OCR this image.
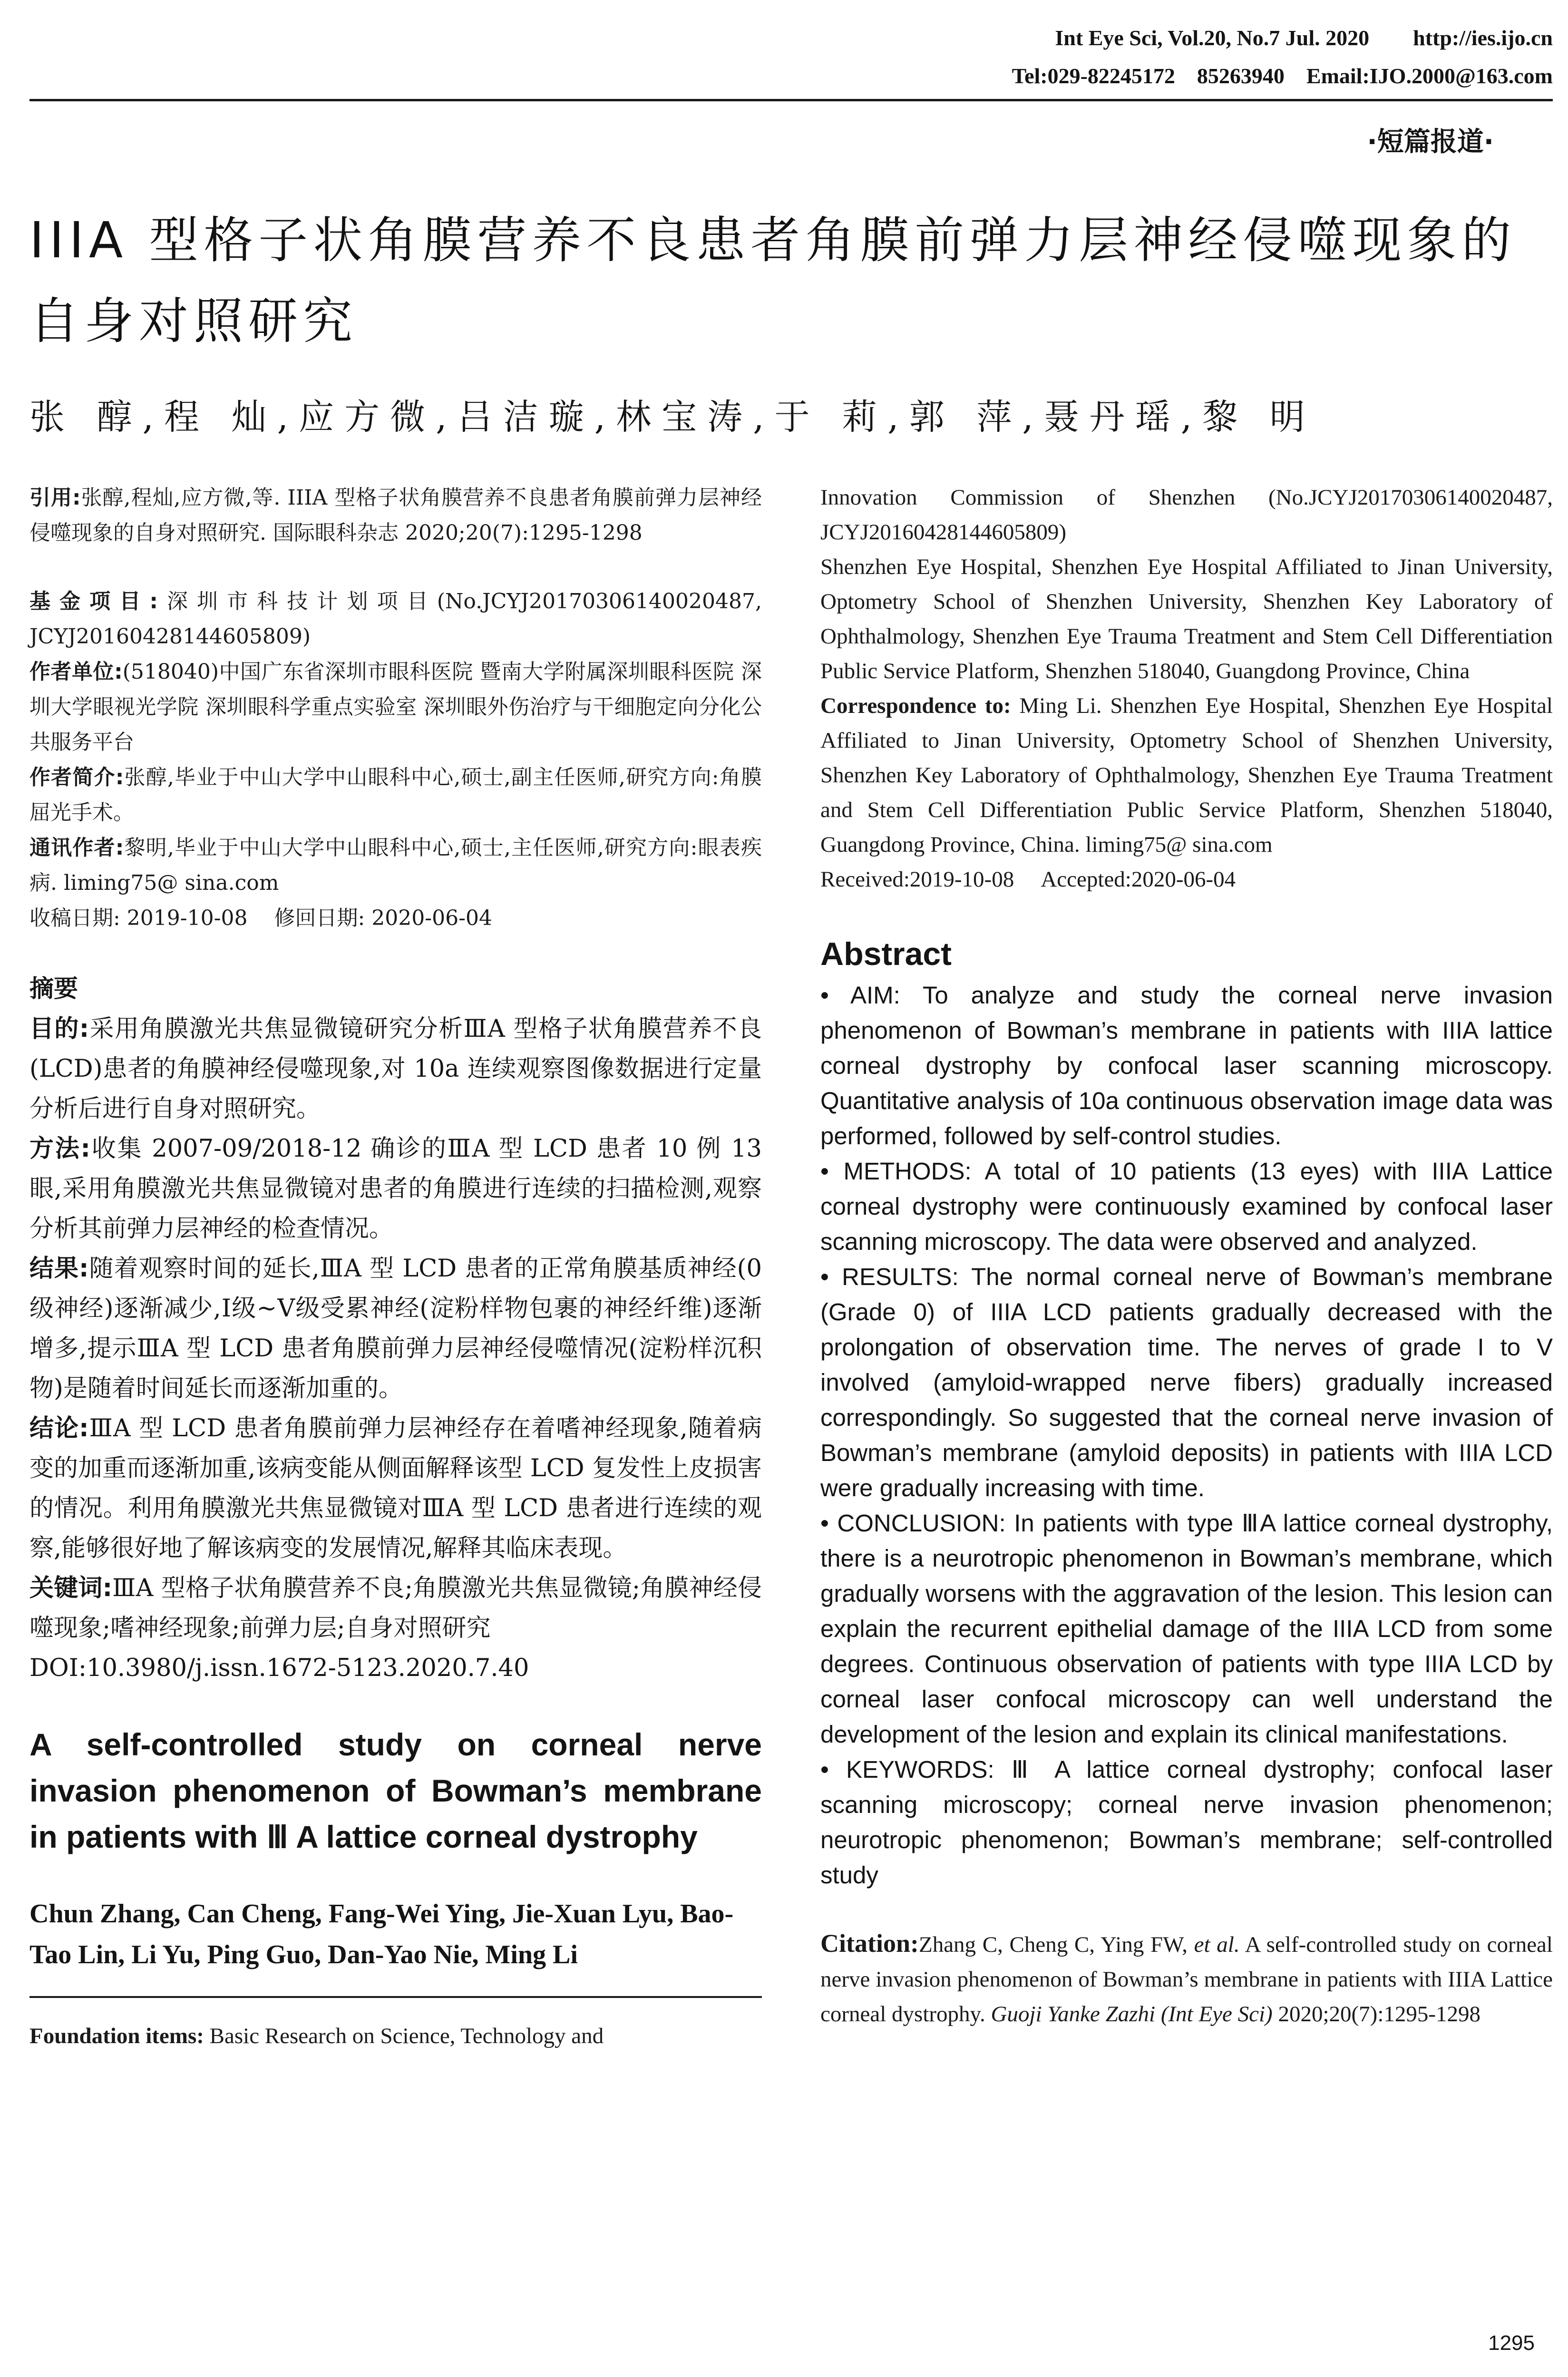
Int Eye Sci, Vol.20, No.7 Jul. 2020        http://ies.ijo.cn
Tel:029-82245172    85263940    Email:IJO.2000@163.com
·短篇报道·
IIIA 型格子状角膜营养不良患者角膜前弹力层神经侵噬现象的自身对照研究
张 醇,程 灿,应方微,吕洁璇,林宝涛,于 莉,郭 萍,聂丹瑶,黎 明

引用:张醇,程灿,应方微,等. IIIA 型格子状角膜营养不良患者角膜前弹力层神经侵噬现象的自身对照研究. 国际眼科杂志 2020;20(7):1295-1298

基金项目:深圳市科技计划项目(No.JCYJ20170306140020487, JCYJ20160428144605809)

作者单位:(518040)中国广东省深圳市眼科医院 暨南大学附属深圳眼科医院 深圳大学眼视光学院 深圳眼科学重点实验室 深圳眼外伤治疗与干细胞定向分化公共服务平台

作者简介:张醇,毕业于中山大学中山眼科中心,硕士,副主任医师,研究方向:角膜屈光手术。

通讯作者:黎明,毕业于中山大学中山眼科中心,硕士,主任医师,研究方向:眼表疾病. liming75@ sina.com

收稿日期: 2019-10-08    修回日期: 2020-06-04

摘要

目的:采用角膜激光共焦显微镜研究分析ⅢA 型格子状角膜营养不良(LCD)患者的角膜神经侵噬现象,对 10a 连续观察图像数据进行定量分析后进行自身对照研究。

方法:收集 2007-09/2018-12 确诊的ⅢA 型 LCD 患者 10 例 13 眼,采用角膜激光共焦显微镜对患者的角膜进行连续的扫描检测,观察分析其前弹力层神经的检查情况。

结果:随着观察时间的延长,ⅢA 型 LCD 患者的正常角膜基质神经(0 级神经)逐渐减少,Ⅰ级~Ⅴ级受累神经(淀粉样物包裹的神经纤维)逐渐增多,提示ⅢA 型 LCD 患者角膜前弹力层神经侵噬情况(淀粉样沉积物)是随着时间延长而逐渐加重的。

结论:ⅢA 型 LCD 患者角膜前弹力层神经存在着嗜神经现象,随着病变的加重而逐渐加重,该病变能从侧面解释该型 LCD 复发性上皮损害的情况。利用角膜激光共焦显微镜对ⅢA 型 LCD 患者进行连续的观察,能够很好地了解该病变的发展情况,解释其临床表现。

关键词:ⅢA 型格子状角膜营养不良;角膜激光共焦显微镜;角膜神经侵噬现象;嗜神经现象;前弹力层;自身对照研究

DOI:10.3980/j.issn.1672-5123.2020.7.40

A self-controlled study on corneal nerve invasion phenomenon of Bowman’s membrane in patients with Ⅲ A lattice corneal dystrophy

Chun Zhang, Can Cheng, Fang-Wei Ying, Jie-Xuan Lyu, Bao-Tao Lin, Li Yu, Ping Guo, Dan-Yao Nie, Ming Li

Foundation items: Basic Research on Science, Technology and

Innovation Commission of Shenzhen (No.JCYJ20170306140020487, JCYJ20160428144605809)

Shenzhen Eye Hospital, Shenzhen Eye Hospital Affiliated to Jinan University, Optometry School of Shenzhen University, Shenzhen Key Laboratory of Ophthalmology, Shenzhen Eye Trauma Treatment and Stem Cell Differentiation Public Service Platform, Shenzhen 518040, Guangdong Province, China

Correspondence to: Ming Li. Shenzhen Eye Hospital, Shenzhen Eye Hospital Affiliated to Jinan University, Optometry School of Shenzhen University, Shenzhen Key Laboratory of Ophthalmology, Shenzhen Eye Trauma Treatment and Stem Cell Differentiation Public Service Platform, Shenzhen 518040, Guangdong Province, China. liming75@ sina.com

Received:2019-10-08     Accepted:2020-06-04

Abstract

• AIM: To analyze and study the corneal nerve invasion phenomenon of Bowman’s membrane in patients with IIIA lattice corneal dystrophy by confocal laser scanning microscopy. Quantitative analysis of 10a continuous observation image data was performed, followed by self-control studies.

• METHODS: A total of 10 patients (13 eyes) with IIIA Lattice corneal dystrophy were continuously examined by confocal laser scanning microscopy. The data were observed and analyzed.

• RESULTS: The normal corneal nerve of Bowman’s membrane (Grade 0) of IIIA LCD patients gradually decreased with the prolongation of observation time. The nerves of grade I to V involved (amyloid-wrapped nerve fibers) gradually increased correspondingly. So suggested that the corneal nerve invasion of Bowman’s membrane (amyloid deposits) in patients with IIIA LCD were gradually increasing with time.

• CONCLUSION: In patients with type ⅢA lattice corneal dystrophy, there is a neurotropic phenomenon in Bowman’s membrane, which gradually worsens with the aggravation of the lesion. This lesion can explain the recurrent epithelial damage of the IIIA LCD from some degrees. Continuous observation of patients with type IIIA LCD by corneal laser confocal microscopy can well understand the development of the lesion and explain its clinical manifestations.

• KEYWORDS: Ⅲ A lattice corneal dystrophy; confocal laser scanning microscopy; corneal nerve invasion phenomenon; neurotropic phenomenon; Bowman’s membrane; self-controlled study

Citation:Zhang C, Cheng C, Ying FW, et al. A self-controlled study on corneal nerve invasion phenomenon of Bowman’s membrane in patients with IIIA Lattice corneal dystrophy. Guoji Yanke Zazhi (Int Eye Sci) 2020;20(7):1295-1298

1295
